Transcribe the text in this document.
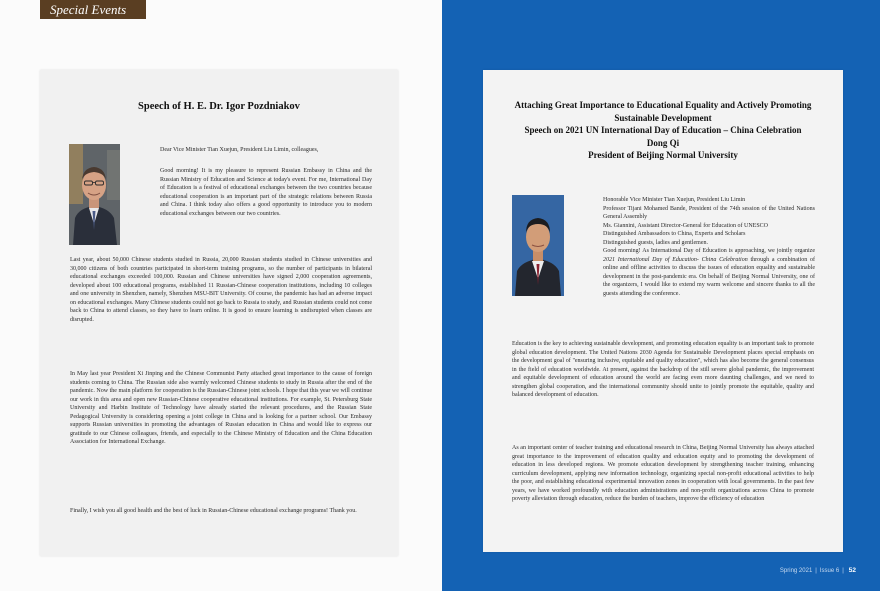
Special Events
Speech of H. E. Dr. Igor Pozdniakov

Dear Vice Minister Tian Xuejun, President Liu Limin, colleagues,

Good morning! It is my pleasure to represent Russian Embassy in China and the Russian Ministry of Education and Science at today's event. For me, International Day of Education is a festival of educational exchanges between the two countries because educational cooperation is an important part of the strategic relations between Russia and China. I think today also offers a good opportunity to introduce you to modern educational exchanges between our two countries.

Last year, about 50,000 Chinese students studied in Russia, 20,000 Russian students studied in Chinese universities and 30,000 citizens of both countries participated in short-term training programs, so the number of participants in bilateral educational exchanges exceeded 100,000. Russian and Chinese universities have signed 2,000 cooperation agreements, developed about 100 educational programs, established 11 Russian-Chinese cooperation institutions, including 10 colleges and one university in Shenzhen, namely, Shenzhen MSU-BIT University. Of course, the pandemic has had an adverse impact on educational exchanges. Many Chinese students could not go back to Russia to study, and Russian students could not come back to China to attend classes, so they have to learn online. It is good to ensure learning is undisrupted when classes are disrupted.

In May last year President Xi Jinping and the Chinese Communist Party attached great importance to the cause of foreign students coming to China. The Russian side also warmly welcomed Chinese students to study in Russia after the end of the pandemic. Now the main platform for cooperation is the Russian-Chinese joint schools. I hope that this year we will continue our work in this area and open new Russian-Chinese cooperative educational institutions. For example, St. Petersburg State University and Harbin Institute of Technology have already started the relevant procedures, and the Russian State Pedagogical University is considering opening a joint college in China and is looking for a partner school. Our Embassy supports Russian universities in promoting the advantages of Russian education in China and would like to express our gratitude to our Chinese colleagues, friends, and especially to the Chinese Ministry of Education and the China Education Association for International Exchange.

Finally, I wish you all good health and the best of luck in Russian-Chinese educational exchange programs! Thank you.

Attaching Great Importance to Educational Equality and Actively Promoting
Sustainable Development
Speech on 2021 UN International Day of Education – China Celebration
Dong Qi
President of Beijing Normal University
Honorable Vice Minister Tian Xuejun, President Liu Limin
Professor Tijani Mohamed Bande, President of the 74th session of the United Nations General Assembly
Ms. Giannini, Assistant Director-General for Education of UNESCO
Distinguished Ambassadors to China, Experts and Scholars
Distinguished guests, ladies and gentlemen.
Good morning! As International Day of Education is approaching, we jointly organize 2021 International Day of Education- China Celebration through a combination of online and offline activities to discuss the issues of education equality and sustainable development in the post-pandemic era. On behalf of Beijing Normal University, one of the organizers, I would like to extend my warm welcome and sincere thanks to all the guests attending the conference.

Education is the key to achieving sustainable development, and promoting education equality is an important task to promote global education development. The United Nations 2030 Agenda for Sustainable Development places special emphasis on the development goal of "ensuring inclusive, equitable and quality education", which has also become the general consensus in the field of education worldwide. At present, against the backdrop of the still severe global pandemic, the improvement and equitable development of education around the world are facing even more daunting challenges, and we need to strengthen global cooperation, and the international community should unite to jointly promote the equitable, quality and balanced development of education.

As an important center of teacher training and educational research in China, Beijing Normal University has always attached great importance to the improvement of education quality and education equity and to promoting the development of education in less developed regions. We promote education development by strengthening teacher training, enhancing curriculum development, applying new information technology, organizing special non-profit educational activities to help the poor, and establishing educational experimental innovation zones in cooperation with local governments. In the past few years, we have worked profoundly with education administrations and non-profit organizations across China to promote poverty alleviation through education, reduce the burden of teachers, improve the efficiency of education

Spring 2021 | Issue 6 | 52
